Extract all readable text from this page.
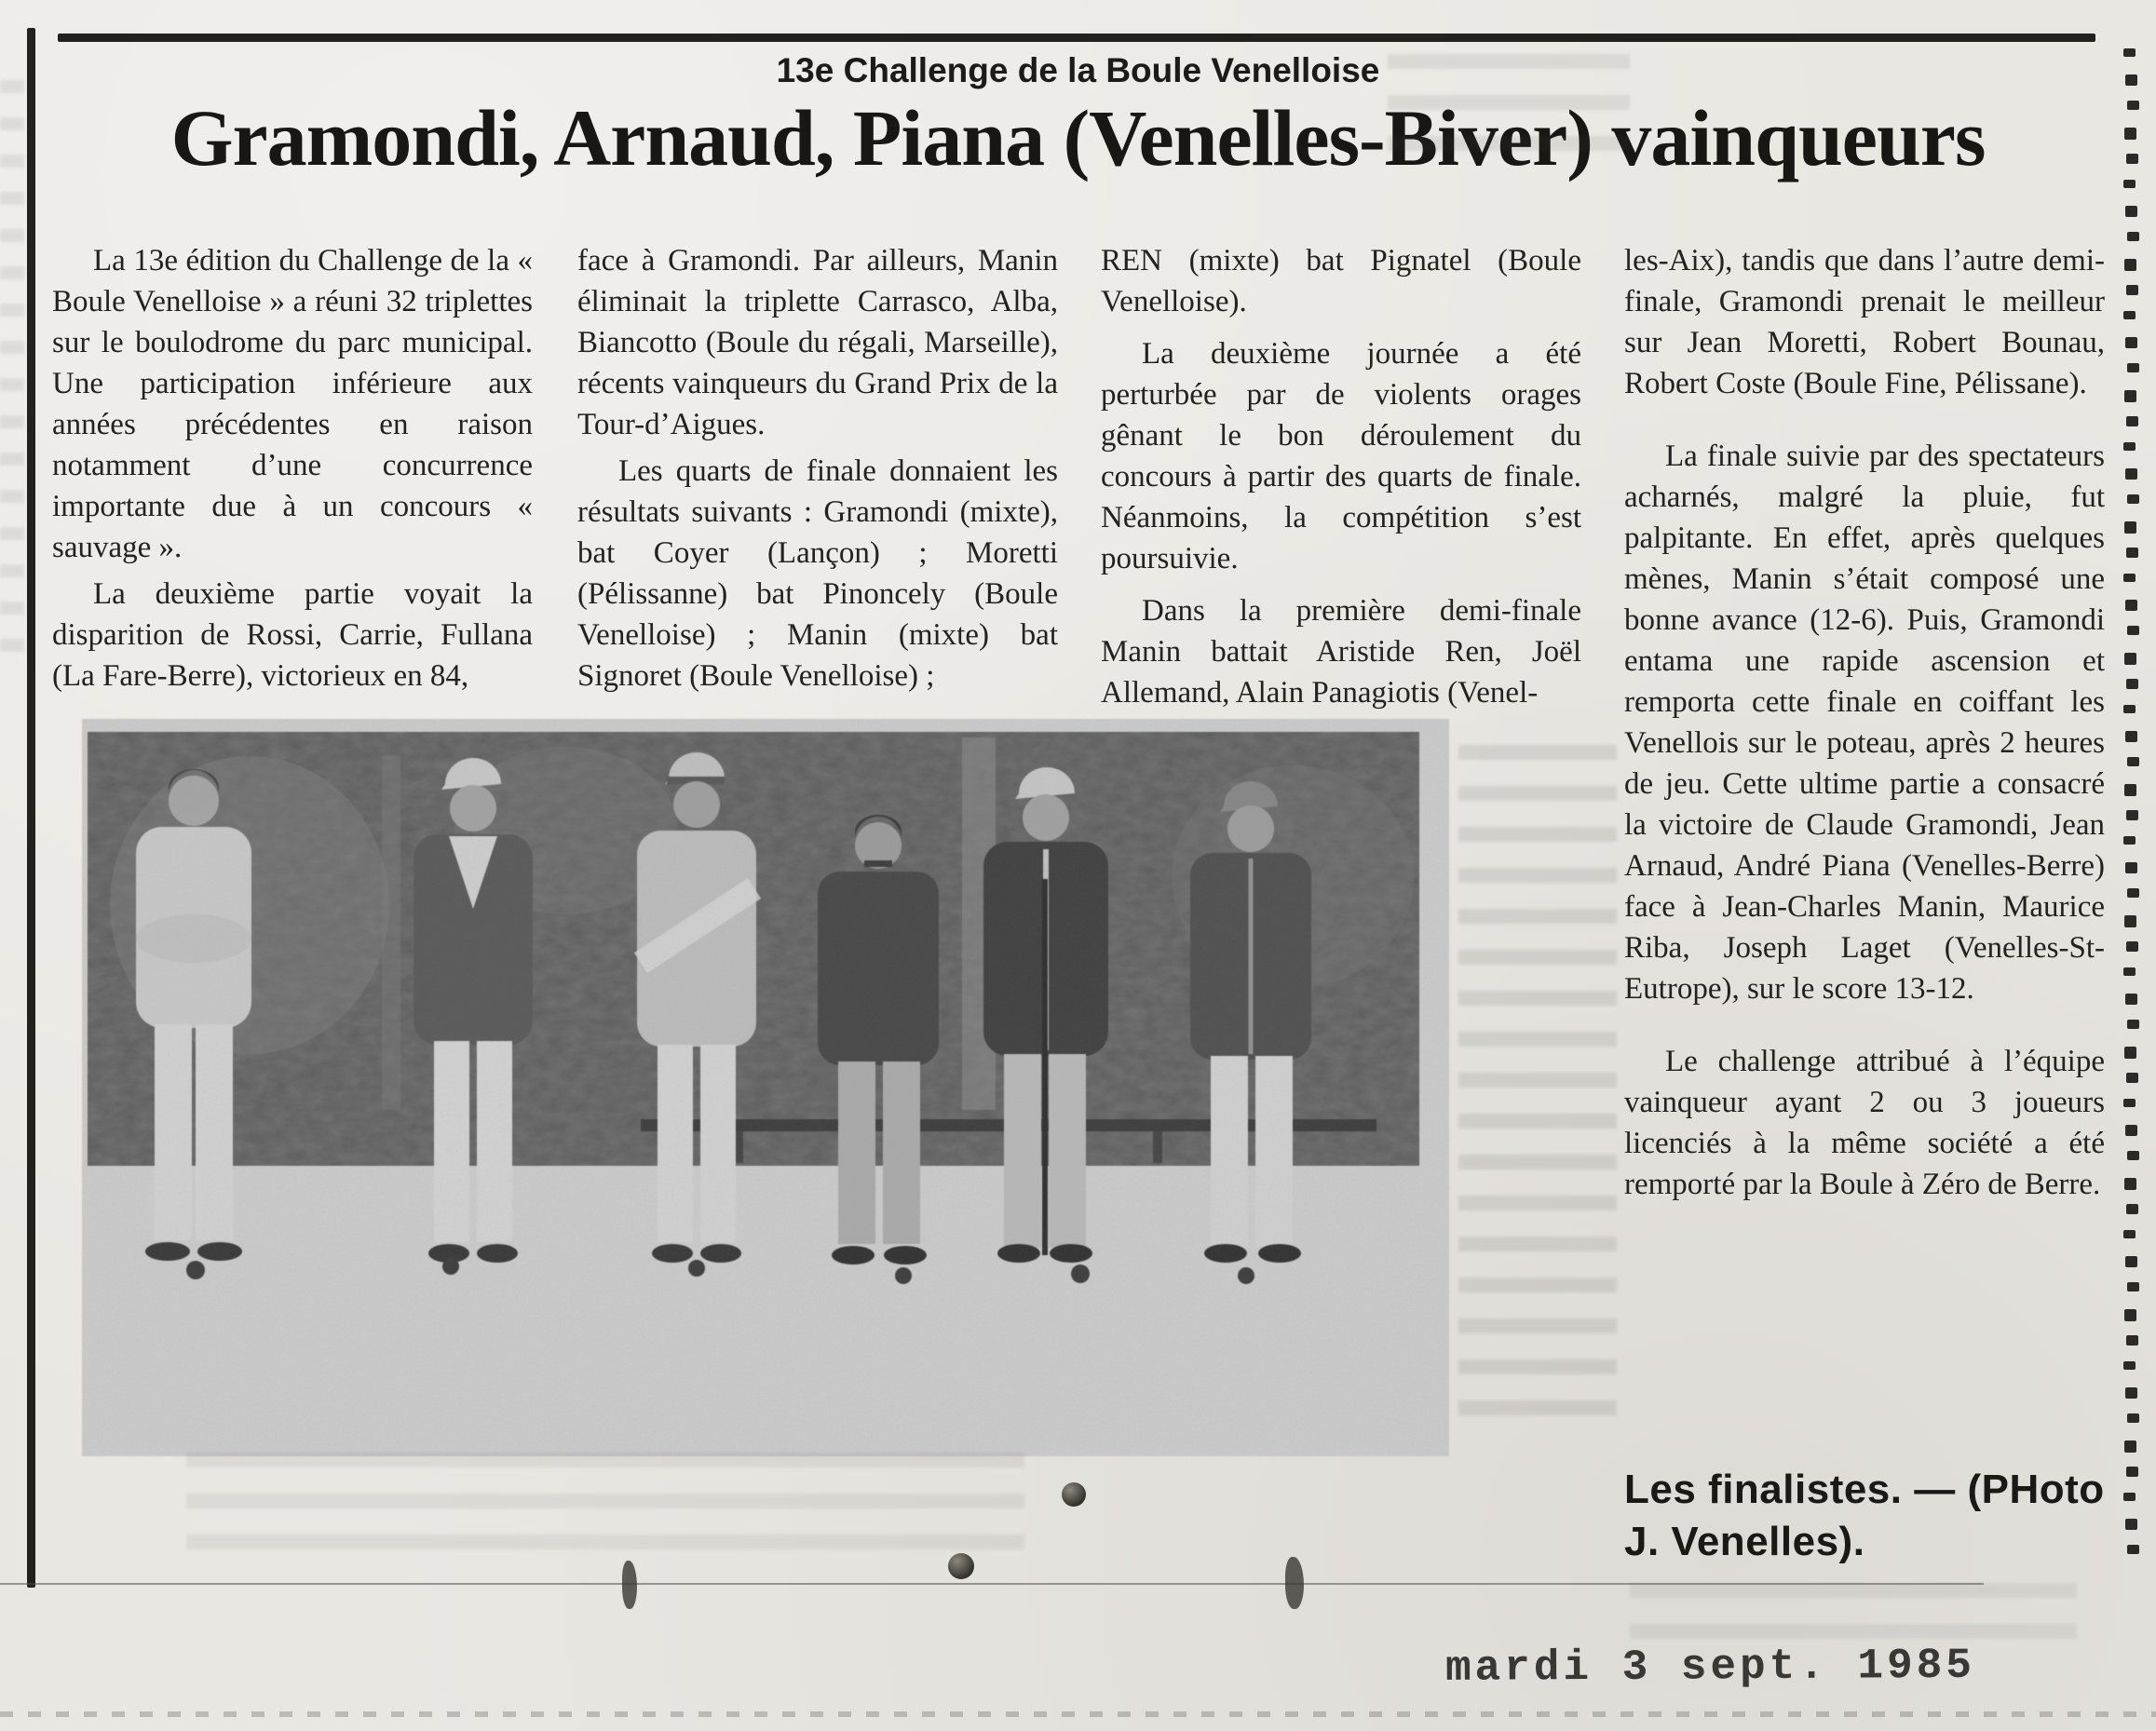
13e Challenge de la Boule Venelloise
Gramondi, Arnaud, Piana (Venelles-Biver) vainqueurs

La 13e édition du Challenge de la « Boule Venelloise » a réuni 32 triplettes sur le boulodrome du parc municipal. Une participation inférieure aux années précédentes en raison notamment d’une concurrence importante due à un concours « sauvage ».

La deuxième partie voyait la disparition de Rossi, Carrie, Fullana (La Fare-Berre), victorieux en 84,

face à Gramondi. Par ailleurs, Manin éliminait la triplette Carrasco, Alba, Biancotto (Boule du régali, Marseille), récents vainqueurs du Grand Prix de la Tour-d’Aigues.

Les quarts de finale donnaient les résultats suivants : Gramondi (mixte), bat Coyer (Lançon) ; Moretti (Pélissanne) bat Pinoncely (Boule Venelloise) ; Manin (mixte) bat Signoret (Boule Venelloise) ;

REN (mixte) bat Pignatel (Boule Venelloise).

La deuxième journée a été perturbée par de violents orages gênant le bon déroulement du concours à partir des quarts de finale. Néanmoins, la compétition s’est poursuivie.

Dans la première demi-finale Manin battait Aristide Ren, Joël Allemand, Alain Panagiotis (Venel-

les-Aix), tandis que dans l’autre demi-finale, Gramondi prenait le meilleur sur Jean Moretti, Robert Bounau, Robert Coste (Boule Fine, Pélissane).

La finale suivie par des spectateurs acharnés, malgré la pluie, fut palpitante. En effet, après quelques mènes, Manin s’était composé une bonne avance (12-6). Puis, Gramondi entama une rapide ascension et remporta cette finale en coiffant les Venellois sur le poteau, après 2 heures de jeu. Cette ultime partie a consacré la victoire de Claude Gramondi, Jean Arnaud, André Piana (Venelles-Berre) face à Jean-Charles Manin, Maurice Riba, Joseph Laget (Venelles-St-Eutrope), sur le score 13-12.

Le challenge attribué à l’équipe vainqueur ayant 2 ou 3 joueurs licenciés à la même société a été remporté par la Boule à Zéro de Berre.

Les finalistes. — (PHoto J. Venelles).
mardi 3 sept. 1985
